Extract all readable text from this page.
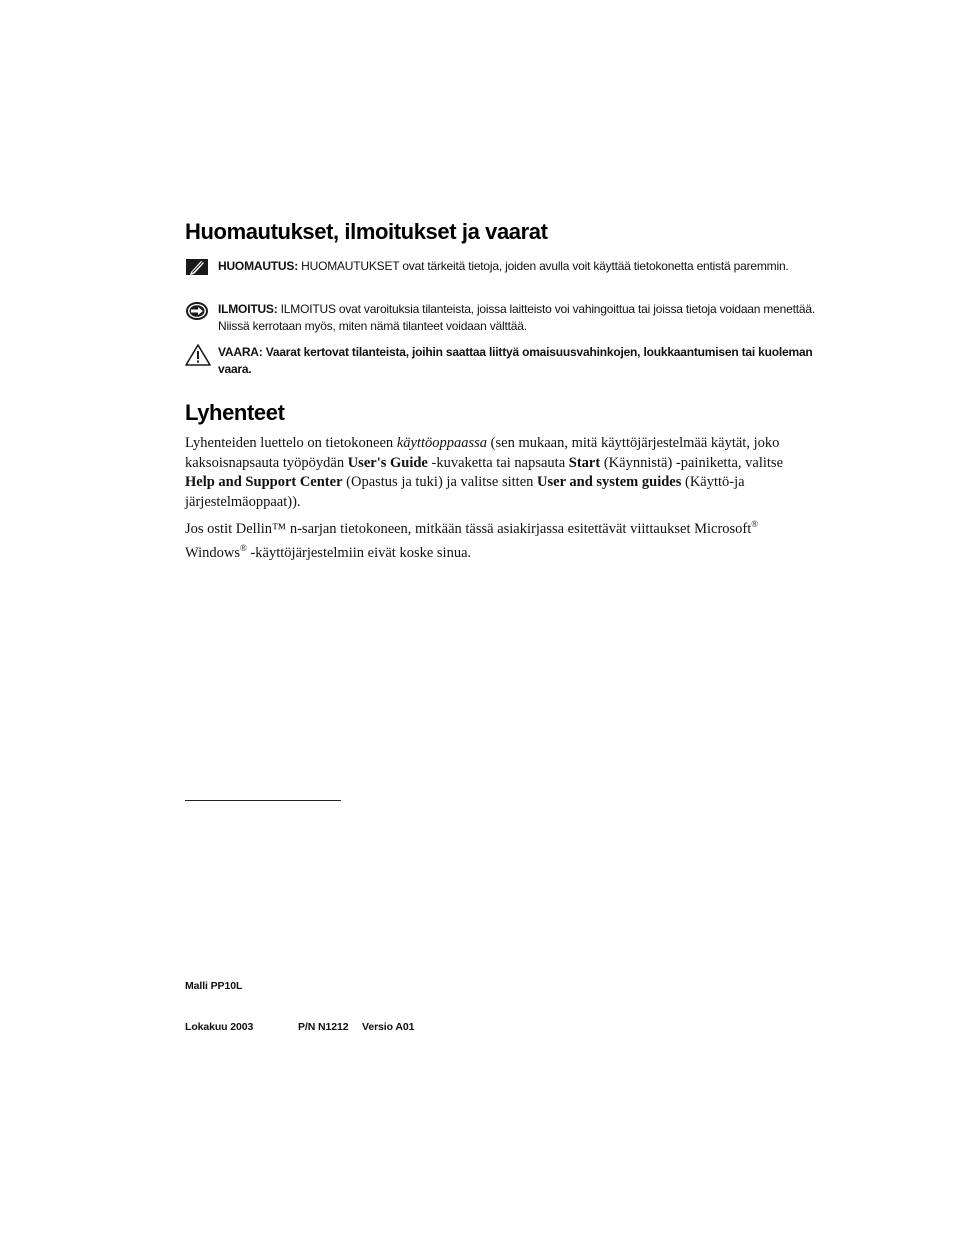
Huomautukset, ilmoitukset ja vaarat
HUOMAUTUS: HUOMAUTUKSET ovat tärkeitä tietoja, joiden avulla voit käyttää tietokonetta entistä paremmin.
ILMOITUS: ILMOITUS ovat varoituksia tilanteista, joissa laitteisto voi vahingoittua tai joissa tietoja voidaan menettää. Niissä kerrotaan myös, miten nämä tilanteet voidaan välttää.
VAARA: Vaarat kertovat tilanteista, joihin saattaa liittyä omaisuusvahinkojen, loukkaantumisen tai kuoleman vaara.
Lyhenteet

Lyhenteiden luettelo on tietokoneen käyttöoppaassa (sen mukaan, mitä käyttöjärjestelmää käytät, joko kaksoisnapsauta työpöydän User's Guide -kuvaketta tai napsauta Start (Käynnistä) -painiketta, valitse Help and Support Center (Opastus ja tuki) ja valitse sitten User and system guides (Käyttö-ja järjestelmäoppaat)).

Jos ostit Dellin™ n-sarjan tietokoneen, mitkään tässä asiakirjassa esitettävät viittaukset Microsoft®
Windows® -käyttöjärjestelmiin eivät koske sinua.

Malli PP10L
Lokakuu 2003	P/N N1212 Versio A01
